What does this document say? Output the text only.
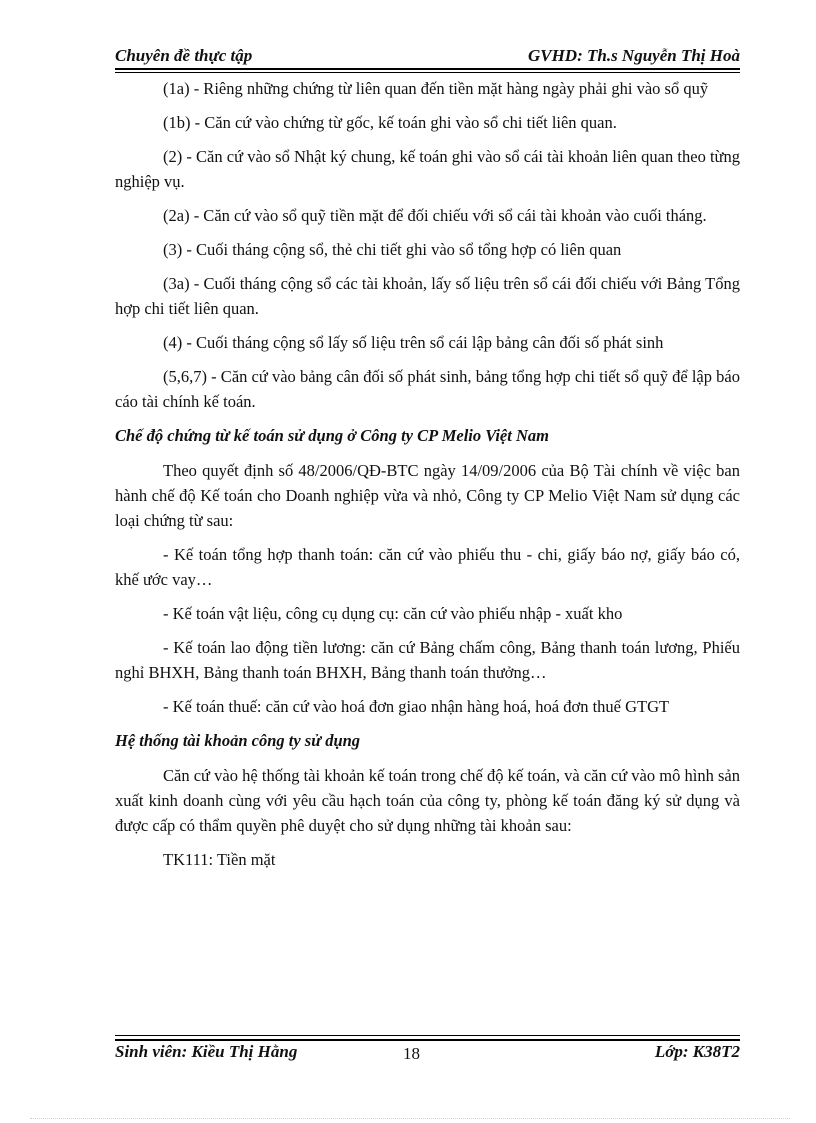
Chuyên đề thực tập	GVHD: Th.s Nguyễn Thị Hoà

(1a) - Riêng những chứng từ liên quan đến tiền mặt hàng ngày phải ghi vào sổ quỹ

(1b) - Căn cứ vào chứng từ gốc, kế toán ghi vào sổ chi tiết liên quan.

(2) - Căn cứ vào sổ Nhật ký chung, kế toán ghi vào sổ cái tài khoản liên quan theo từng nghiệp vụ.

(2a) - Căn cứ vào sổ quỹ tiền mặt để đối chiếu với sổ cái tài khoản vào cuối tháng.

(3) - Cuối tháng cộng sổ, thẻ chi tiết ghi vào sổ tổng hợp có liên quan

(3a) - Cuối tháng cộng sổ các tài khoản, lấy số liệu trên sổ cái đối chiếu với Bảng Tổng hợp chi tiết liên quan.

(4) - Cuối tháng cộng sổ lấy số liệu trên sổ cái lập bảng cân đối số phát sinh

(5,6,7) - Căn cứ vào bảng cân đối số phát sinh, bảng tổng hợp chi tiết sổ quỹ để lập báo cáo tài chính kế toán.

Chế độ chứng từ kế toán sử dụng ở Công ty CP Melio Việt Nam

Theo quyết định số 48/2006/QĐ-BTC ngày 14/09/2006 của Bộ Tài chính về việc ban hành chế độ Kế toán cho Doanh nghiệp vừa và nhỏ, Công ty CP Melio Việt Nam sử dụng các loại chứng từ sau:

- Kế toán tổng hợp thanh toán: căn cứ vào phiếu thu - chi, giấy báo nợ, giấy báo có, khế ước vay…

- Kế toán vật liệu, công cụ dụng cụ: căn cứ vào phiếu nhập - xuất kho

- Kế toán lao động tiền lương: căn cứ Bảng chấm công, Bảng thanh toán lương, Phiếu nghỉ BHXH, Bảng thanh toán BHXH, Bảng thanh toán thưởng…

- Kế toán thuế: căn cứ vào hoá đơn giao nhận hàng hoá, hoá đơn thuế GTGT

Hệ thống tài khoản công ty sử dụng

Căn cứ vào hệ thống tài khoản kế toán trong chế độ kế toán, và căn cứ vào mô hình sản xuất kinh doanh cùng với yêu cầu hạch toán của công ty, phòng kế toán đăng ký sử dụng và được cấp có thẩm quyền phê duyệt cho sử dụng những tài khoản sau:

TK111: Tiền mặt

Sinh viên: Kiều Thị Hằng	18	Lớp: K38T2
